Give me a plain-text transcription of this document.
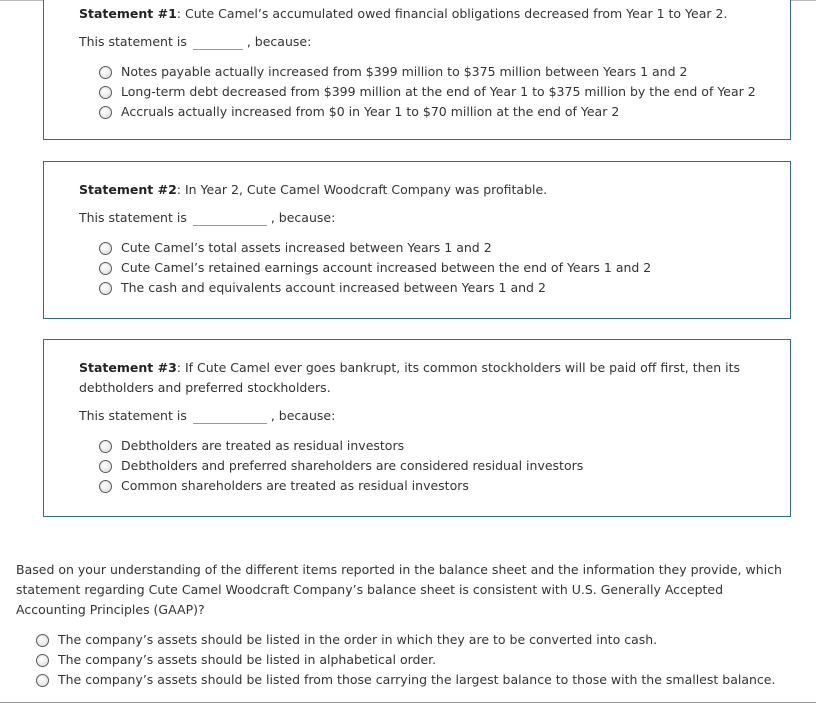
Statement #1: Cute Camel’s accumulated owed financial obligations decreased from Year 1 to Year 2.
This statement is	, because:
Notes payable actually increased from $399 million to $375 million between Years 1 and 2
Long-term debt decreased from $399 million at the end of Year 1 to $375 million by the end of Year 2
Accruals actually increased from $0 in Year 1 to $70 million at the end of Year 2
Statement #2: In Year 2, Cute Camel Woodcraft Company was profitable.
This statement is	, because:
Cute Camel’s total assets increased between Years 1 and 2
Cute Camel’s retained earnings account increased between the end of Years 1 and 2
The cash and equivalents account increased between Years 1 and 2
Statement #3: If Cute Camel ever goes bankrupt, its common stockholders will be paid off first, then its debtholders and preferred stockholders.
This statement is	, because:
Debtholders are treated as residual investors
Debtholders and preferred shareholders are considered residual investors
Common shareholders are treated as residual investors
Based on your understanding of the different items reported in the balance sheet and the information they provide, which statement regarding Cute Camel Woodcraft Company’s balance sheet is consistent with U.S. Generally Accepted Accounting Principles (GAAP)?
The company’s assets should be listed in the order in which they are to be converted into cash.
The company’s assets should be listed in alphabetical order.
The company’s assets should be listed from those carrying the largest balance to those with the smallest balance.
